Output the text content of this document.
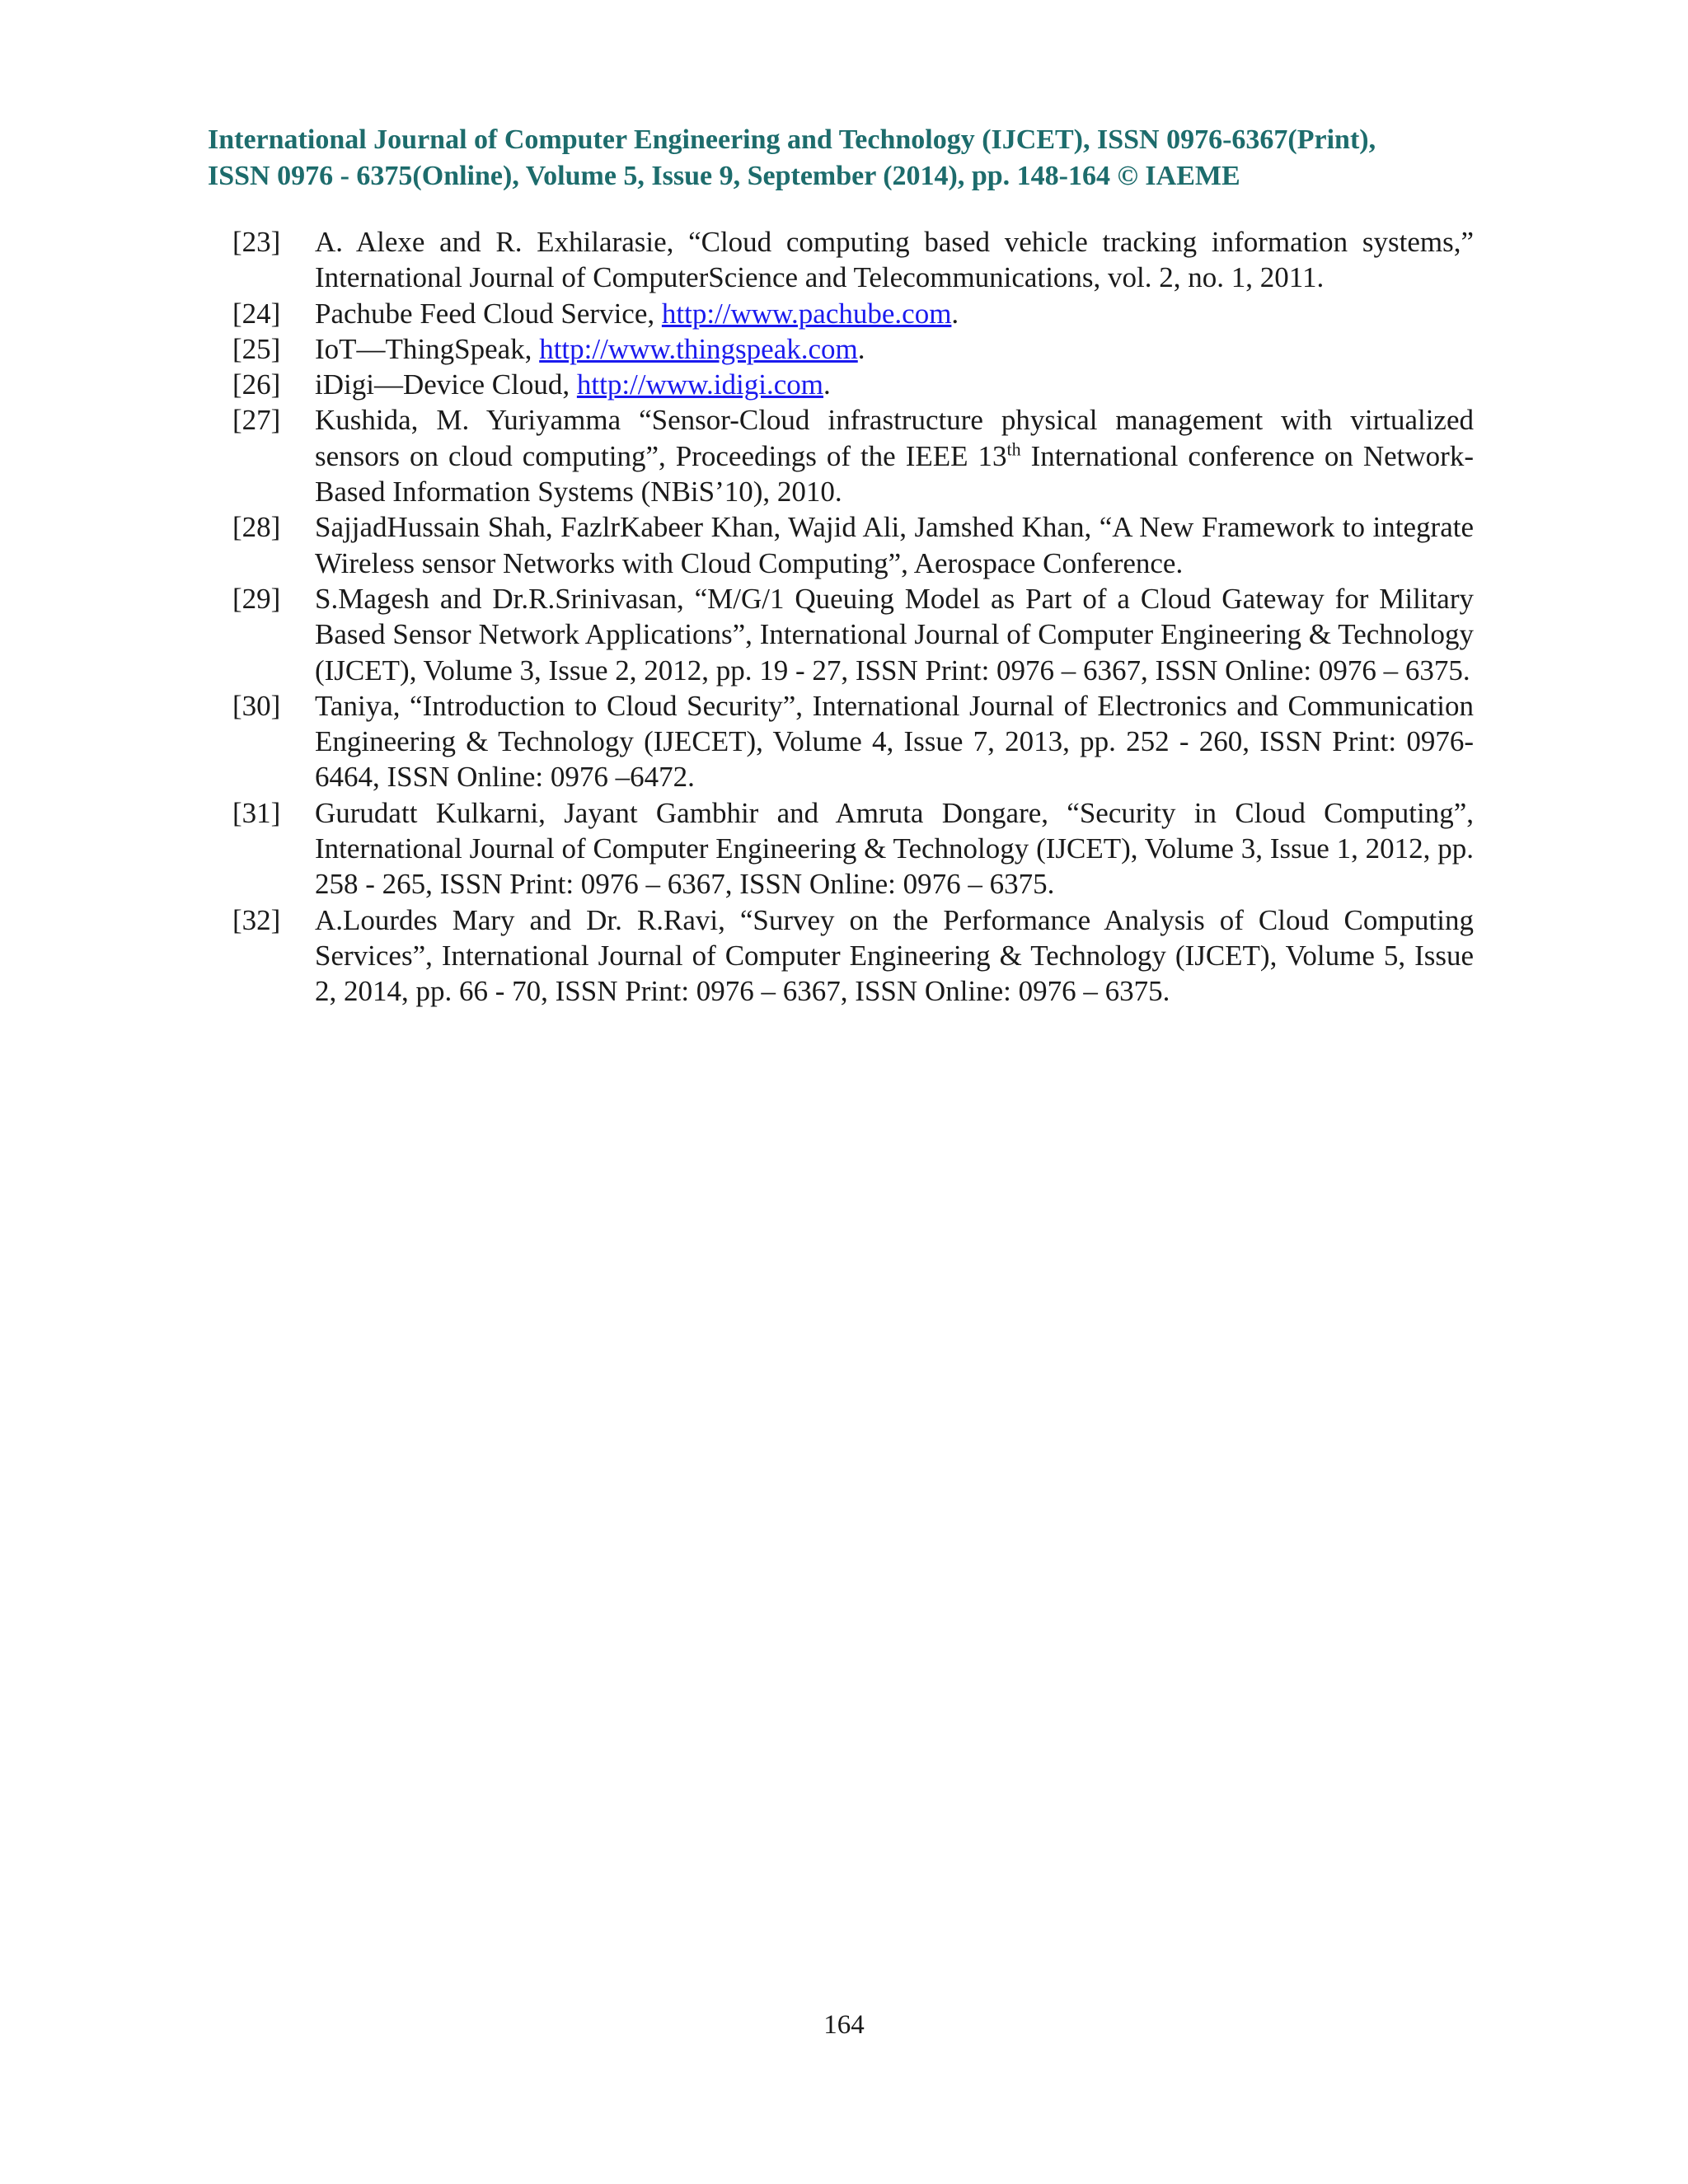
International Journal of Computer Engineering and Technology (IJCET), ISSN 0976-6367(Print),
ISSN 0976 - 6375(Online), Volume 5, Issue 9, September (2014), pp. 148-164 © IAEME
[23]	A. Alexe and R. Exhilarasie, “Cloud computing based vehicle tracking information systems,” International Journal of ComputerScience and Telecommunications, vol. 2, no. 1, 2011.
[24]	Pachube Feed Cloud Service, http://www.pachube.com.
[25]	IoT—ThingSpeak, http://www.thingspeak.com.
[26]	iDigi—Device Cloud, http://www.idigi.com.
[27]	Kushida, M. Yuriyamma “Sensor-Cloud infrastructure physical management with virtualized sensors on cloud computing”, Proceedings of the IEEE 13th International conference on Network-Based Information Systems (NBiS’10), 2010.
[28]	SajjadHussain Shah, FazlrKabeer Khan, Wajid Ali, Jamshed Khan, “A New Framework to integrate Wireless sensor Networks with Cloud Computing”, Aerospace Conference.
[29]	S.Magesh and Dr.R.Srinivasan, “M/G/1 Queuing Model as Part of a Cloud Gateway for Military Based Sensor Network Applications”, International Journal of Computer Engineering & Technology (IJCET), Volume 3, Issue 2, 2012, pp. 19 - 27, ISSN Print: 0976 – 6367, ISSN Online: 0976 – 6375.
[30]	Taniya, “Introduction to Cloud Security”, International Journal of Electronics and Communication Engineering & Technology (IJECET), Volume 4, Issue 7, 2013, pp. 252 - 260, ISSN Print: 0976- 6464, ISSN Online: 0976 –6472.
[31]	Gurudatt Kulkarni, Jayant Gambhir and Amruta Dongare, “Security in Cloud Computing”, International Journal of Computer Engineering & Technology (IJCET), Volume 3, Issue 1, 2012, pp. 258 - 265, ISSN Print: 0976 – 6367, ISSN Online: 0976 – 6375.
[32]	A.Lourdes Mary and Dr. R.Ravi, “Survey on the Performance Analysis of Cloud Computing Services”, International Journal of Computer Engineering & Technology (IJCET), Volume 5, Issue 2, 2014, pp. 66 - 70, ISSN Print: 0976 – 6367, ISSN Online: 0976 – 6375.
164
